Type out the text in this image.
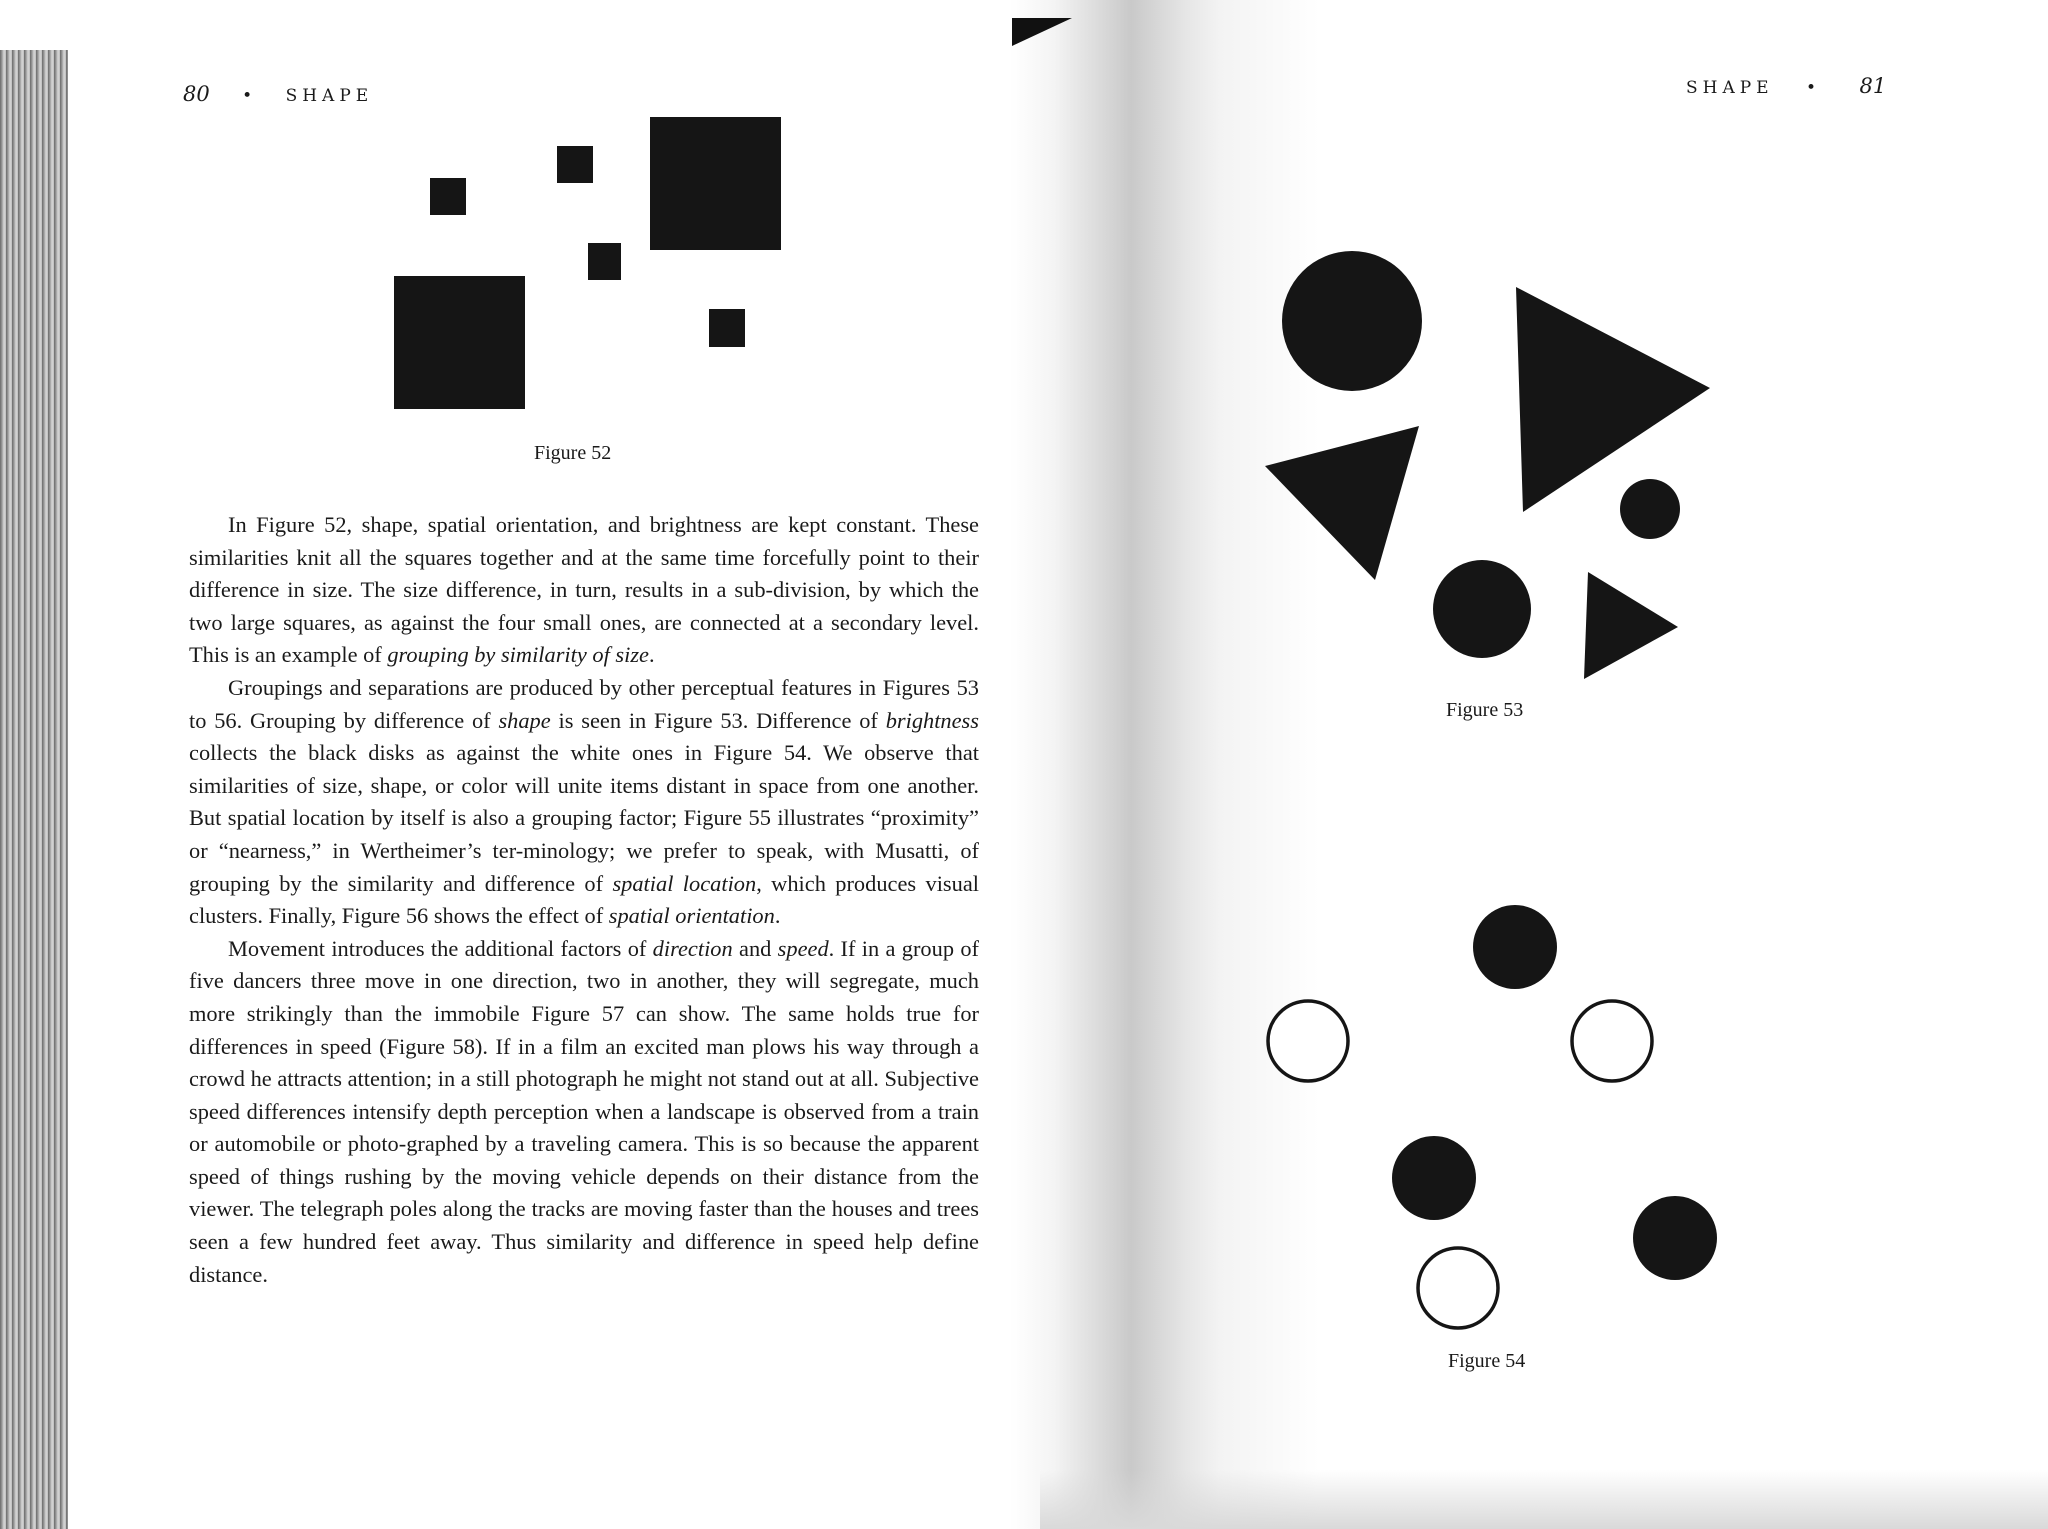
80 • SHAPE
Figure 52

In Figure 52, shape, spatial orientation, and brightness are kept constant. These similarities knit all the squares together and at the same time forcefully point to their difference in size. The size difference, in turn, results in a sub-division, by which the two large squares, as against the four small ones, are connected at a secondary level. This is an example of grouping by similarity of size.

Groupings and separations are produced by other perceptual features in Figures 53 to 56. Grouping by difference of shape is seen in Figure 53. Difference of brightness collects the black disks as against the white ones in Figure 54. We observe that similarities of size, shape, or color will unite items distant in space from one another. But spatial location by itself is also a grouping factor; Figure 55 illustrates “proximity” or “nearness,” in Wertheimer’s ter-minology; we prefer to speak, with Musatti, of grouping by the similarity and difference of spatial location, which produces visual clusters. Finally, Figure 56 shows the effect of spatial orientation.

Movement introduces the additional factors of direction and speed. If in a group of five dancers three move in one direction, two in another, they will segregate, much more strikingly than the immobile Figure 57 can show. The same holds true for differences in speed (Figure 58). If in a film an excited man plows his way through a crowd he attracts attention; in a still photograph he might not stand out at all. Subjective speed differences intensify depth perception when a landscape is observed from a train or automobile or photo-graphed by a traveling camera. This is so because the apparent speed of things rushing by the moving vehicle depends on their distance from the viewer. The telegraph poles along the tracks are moving faster than the houses and trees seen a few hundred feet away. Thus similarity and difference in speed help define distance.

SHAPE • 81
Figure 53
Figure 54
